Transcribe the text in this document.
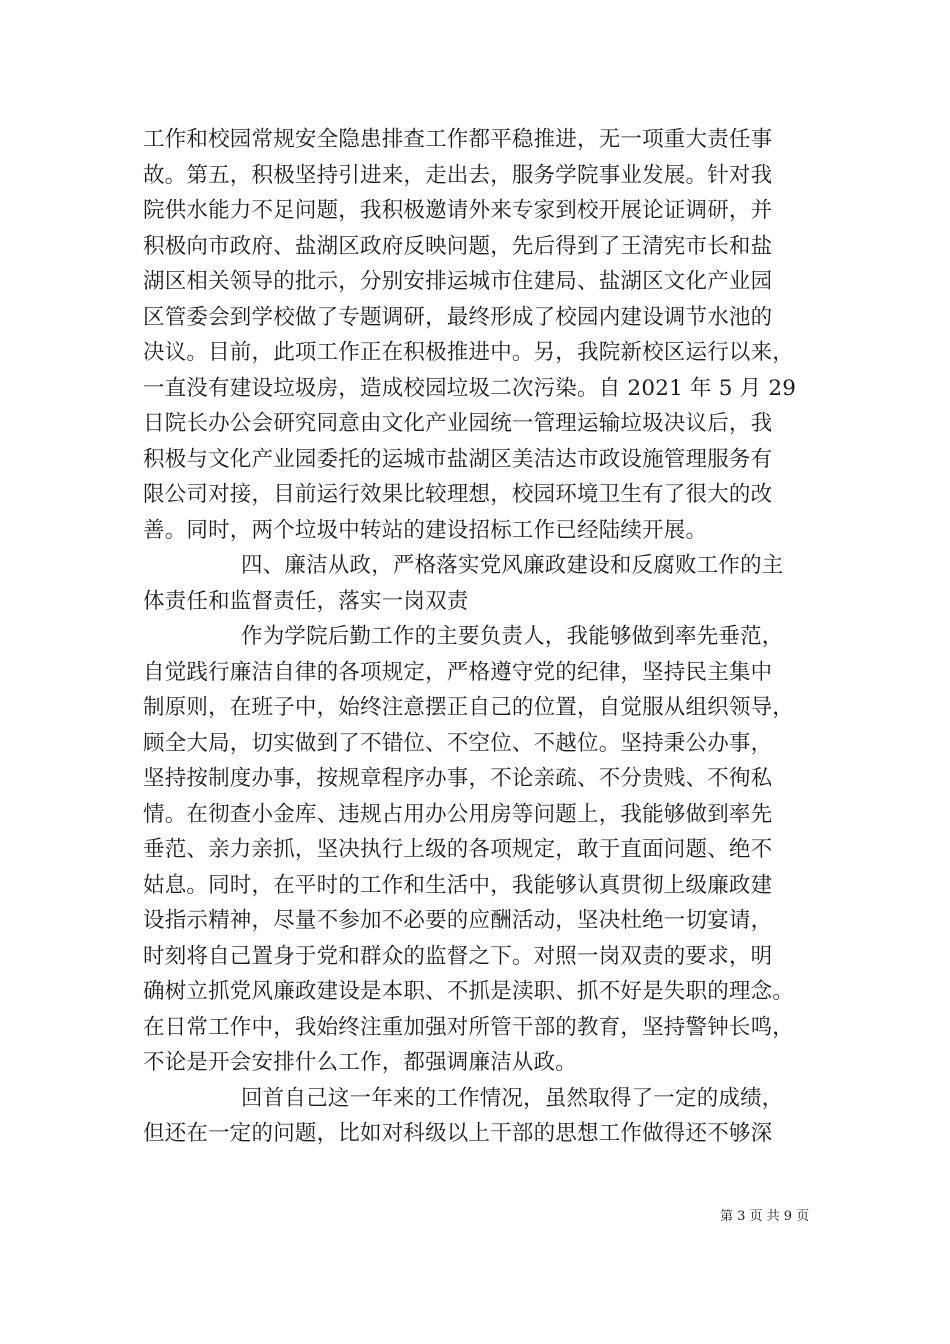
工作和校园常规安全隐患排查工作都平稳推进，无一项重大责任事
故。第五，积极坚持引进来，走出去，服务学院事业发展。针对我
院供水能力不足问题，我积极邀请外来专家到校开展论证调研，并
积极向市政府、盐湖区政府反映问题，先后得到了王清宪市长和盐
湖区相关领导的批示，分别安排运城市住建局、盐湖区文化产业园
区管委会到学校做了专题调研，最终形成了校园内建设调节水池的
决议。目前，此项工作正在积极推进中。另，我院新校区运行以来，
一直没有建设垃圾房，造成校园垃圾二次污染。自 2021 年 5 月 29
日院长办公会研究同意由文化产业园统一管理运输垃圾决议后，我
积极与文化产业园委托的运城市盐湖区美洁达市政设施管理服务有
限公司对接，目前运行效果比较理想，校园环境卫生有了很大的改
善。同时，两个垃圾中转站的建设招标工作已经陆续开展。
四、廉洁从政，严格落实党风廉政建设和反腐败工作的主
体责任和监督责任，落实一岗双责
作为学院后勤工作的主要负责人，我能够做到率先垂范，
自觉践行廉洁自律的各项规定，严格遵守党的纪律，坚持民主集中
制原则，在班子中，始终注意摆正自己的位置，自觉服从组织领导，
顾全大局，切实做到了不错位、不空位、不越位。坚持秉公办事，
坚持按制度办事，按规章程序办事，不论亲疏、不分贵贱、不徇私
情。在彻查小金库、违规占用办公用房等问题上，我能够做到率先
垂范、亲力亲抓，坚决执行上级的各项规定，敢于直面问题、绝不
姑息。同时，在平时的工作和生活中，我能够认真贯彻上级廉政建
设指示精神，尽量不参加不必要的应酬活动，坚决杜绝一切宴请，
时刻将自己置身于党和群众的监督之下。对照一岗双责的要求，明
确树立抓党风廉政建设是本职、不抓是渎职、抓不好是失职的理念。
在日常工作中，我始终注重加强对所管干部的教育，坚持警钟长鸣，
不论是开会安排什么工作，都强调廉洁从政。
回首自己这一年来的工作情况，虽然取得了一定的成绩，
但还在一定的问题，比如对科级以上干部的思想工作做得还不够深
第 3 页 共 9 页
